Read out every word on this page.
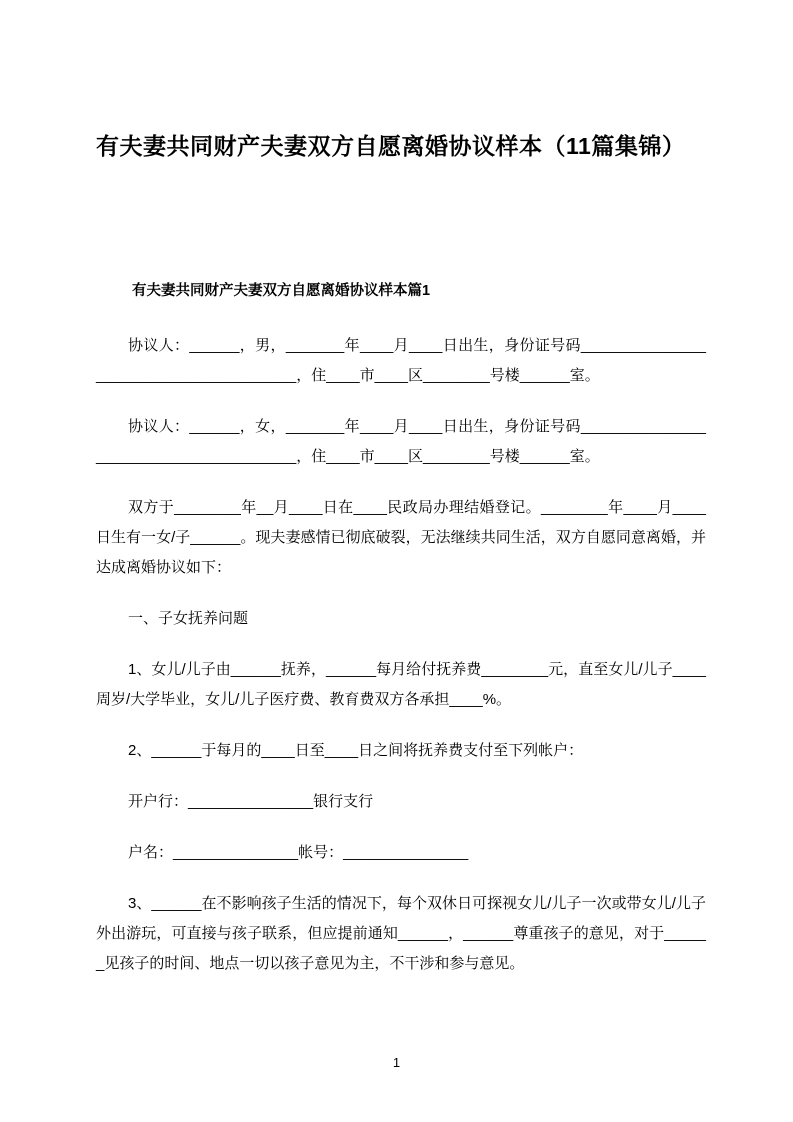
有夫妻共同财产夫妻双方自愿离婚协议样本（11篇集锦）
有夫妻共同财产夫妻双方自愿离婚协议样本篇1

协议人：______，男，_______年____月____日出生，身份证号码_______________________________________，住____市____区________号楼______室。

协议人：______，女，_______年____月____日出生，身份证号码_______________________________________，住____市____区________号楼______室。

双方于________年__月____日在____民政局办理结婚登记。________年____月____日生有一女/子______。现夫妻感情已彻底破裂，无法继续共同生活，双方自愿同意离婚，并达成离婚协议如下：

一、子女抚养问题

1、女儿/儿子由______抚养，______每月给付抚养费________元，直至女儿/儿子____周岁/大学毕业，女儿/儿子医疗费、教育费双方各承担____%。

2、______于每月的____日至____日之间将抚养费支付至下列帐户：

开户行：_______________银行支行

户名：_______________帐号：_______________

3、______在不影响孩子生活的情况下，每个双休日可探视女儿/儿子一次或带女儿/儿子外出游玩，可直接与孩子联系，但应提前通知______，______尊重孩子的意见，对于______见孩子的时间、地点一切以孩子意见为主，不干涉和参与意见。

1
